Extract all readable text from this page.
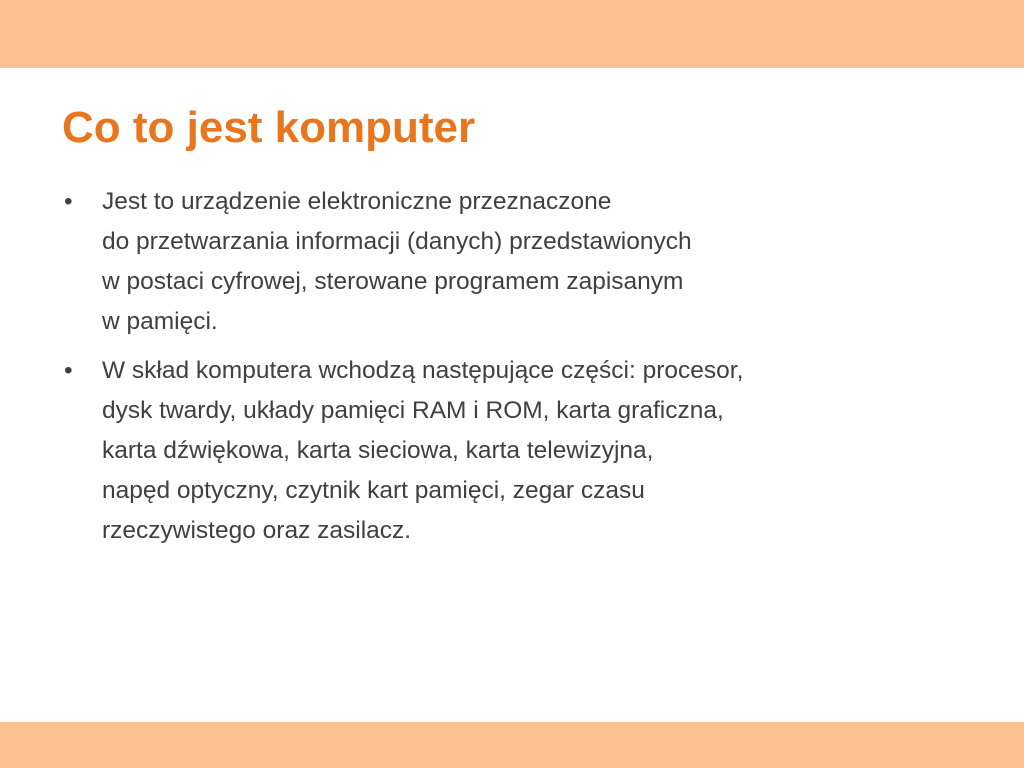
Co to jest komputer
• Jest to urządzenie elektroniczne przeznaczone
do przetwarzania informacji (danych) przedstawionych
w postaci cyfrowej, sterowane programem zapisanym
w pamięci.
• W skład komputera wchodzą następujące części: procesor,
dysk twardy, układy pamięci RAM i ROM, karta graficzna,
karta dźwiękowa, karta sieciowa, karta telewizyjna,
napęd optyczny, czytnik kart pamięci, zegar czasu
rzeczywistego oraz zasilacz.
